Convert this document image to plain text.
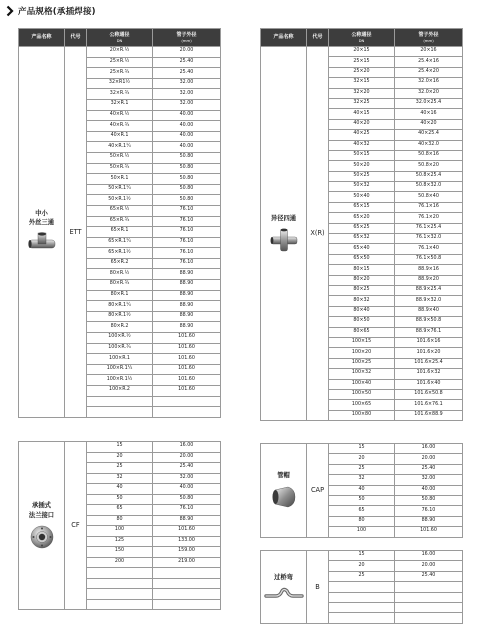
产品规格(承插焊接)
产品名称	代号	公称通径
DN	管子外径
(mm)

中小
外丝三通	ETT	20×R.½	20.00
		25×R.½	25.40
		25×R.¾	25.40
		32×R1½	32.00
		32×R.¾	32.00
		32×R.1	32.00
		40×R.½	40.00
		40×R.¾	40.00
		40×R.1	40.00
		40×R.1¼	40.00
		50×R.½	50.80
		50×R.¾	50.80
		50×R.1	50.80
		50×R.1¼	50.80
		50×R.1½	50.80
		65×R.½	76.10
		65×R.¾	76.10
		65×R.1	76.10
		65×R.1¼	76.10
		65×R.1½	76.10
		65×R.2	76.10
		80×R.½	88.90
		80×R.¾	88.90
		80×R.1	88.90
		80×R.1¼	88.90
		80×R.1½	88.90
		80×R.2	88.90
		100×R.½	101.60
		100×R.¾	101.60
		100×R.1	101.60
		100×R.1¼	101.60
		100×R.1½	101.60
		100×R.2	101.60

产品名称	代号	公称通径
DN	管子外径
(mm)

异径四通	X(R)	20×15	20×16
		25×15	25.4×16
		25×20	25.4×20
		32×15	32.0×16
		32×20	32.0×20
		32×25	32.0×25.4
		40×15	40×16
		40×20	40×20
		40×25	40×25.4
		40×32	40×32.0
		50×15	50.8×16
		50×20	50.8×20
		50×25	50.8×25.4
		50×32	50.8×32.0
		50×40	50.8×40
		65×15	76.1×16
		65×20	76.1×20
		65×25	76.1×25.4
		65×32	76.1×32.0
		65×40	76.1×40
		65×50	76.1×50.8
		80×15	88.9×16
		80×20	88.9×20
		80×25	88.9×25.4
		80×32	88.9×32.0
		80×40	88.9×40
		80×50	88.9×50.8
		80×65	88.9×76.1
		100×15	101.6×16
		100×20	101.6×20
		100×25	101.6×25.4
		100×32	101.6×32
		100×40	101.6×40
		100×50	101.6×50.8
		100×65	101.6×76.1
		100×80	101.6×88.9
承插式
法兰接口	CF	15	16.00
		20	20.00
		25	25.40
		32	32.00
		40	40.00
		50	50.80
		65	76.10
		80	88.90
		100	101.60
		125	133.00
		150	159.00
		200	219.00

管帽	CAP	15	16.00
		20	20.00
		25	25.40
		32	32.00
		40	40.00
		50	50.80
		65	76.10
		80	88.90
		100	101.60
过桥弯	B	15	16.00
		20	20.00
		25	25.40
